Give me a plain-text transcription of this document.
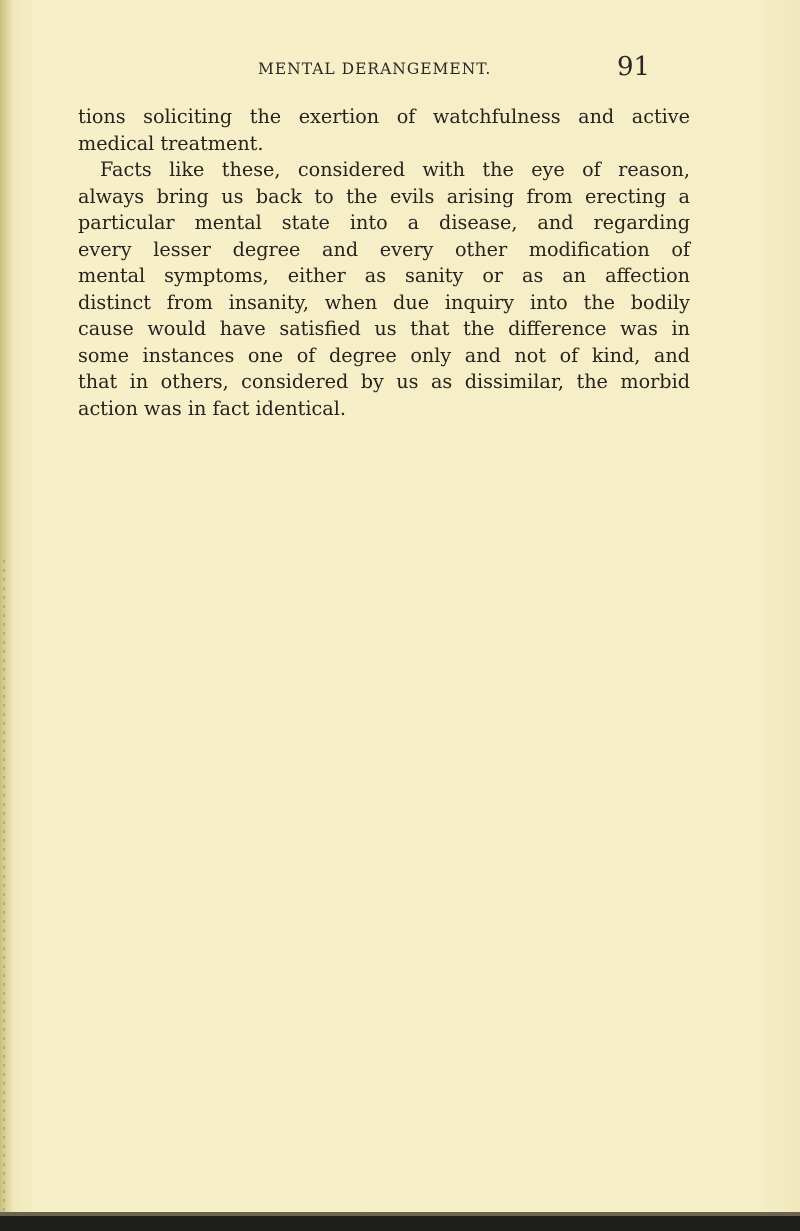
MENTAL DERANGEMENT.	91
tions soliciting the exertion of watchfulness and active
medical treatment.
Facts like these, considered with the eye of reason,
always bring us back to the evils arising from erecting a
particular mental state into a disease, and regarding
every lesser degree and every other modification of
mental symptoms, either as sanity or as an affection
distinct from insanity, when due inquiry into the bodily
cause would have satisfied us that the difference was in
some instances one of degree only and not of kind, and
that in others, considered by us as dissimilar, the morbid
action was in fact identical.
